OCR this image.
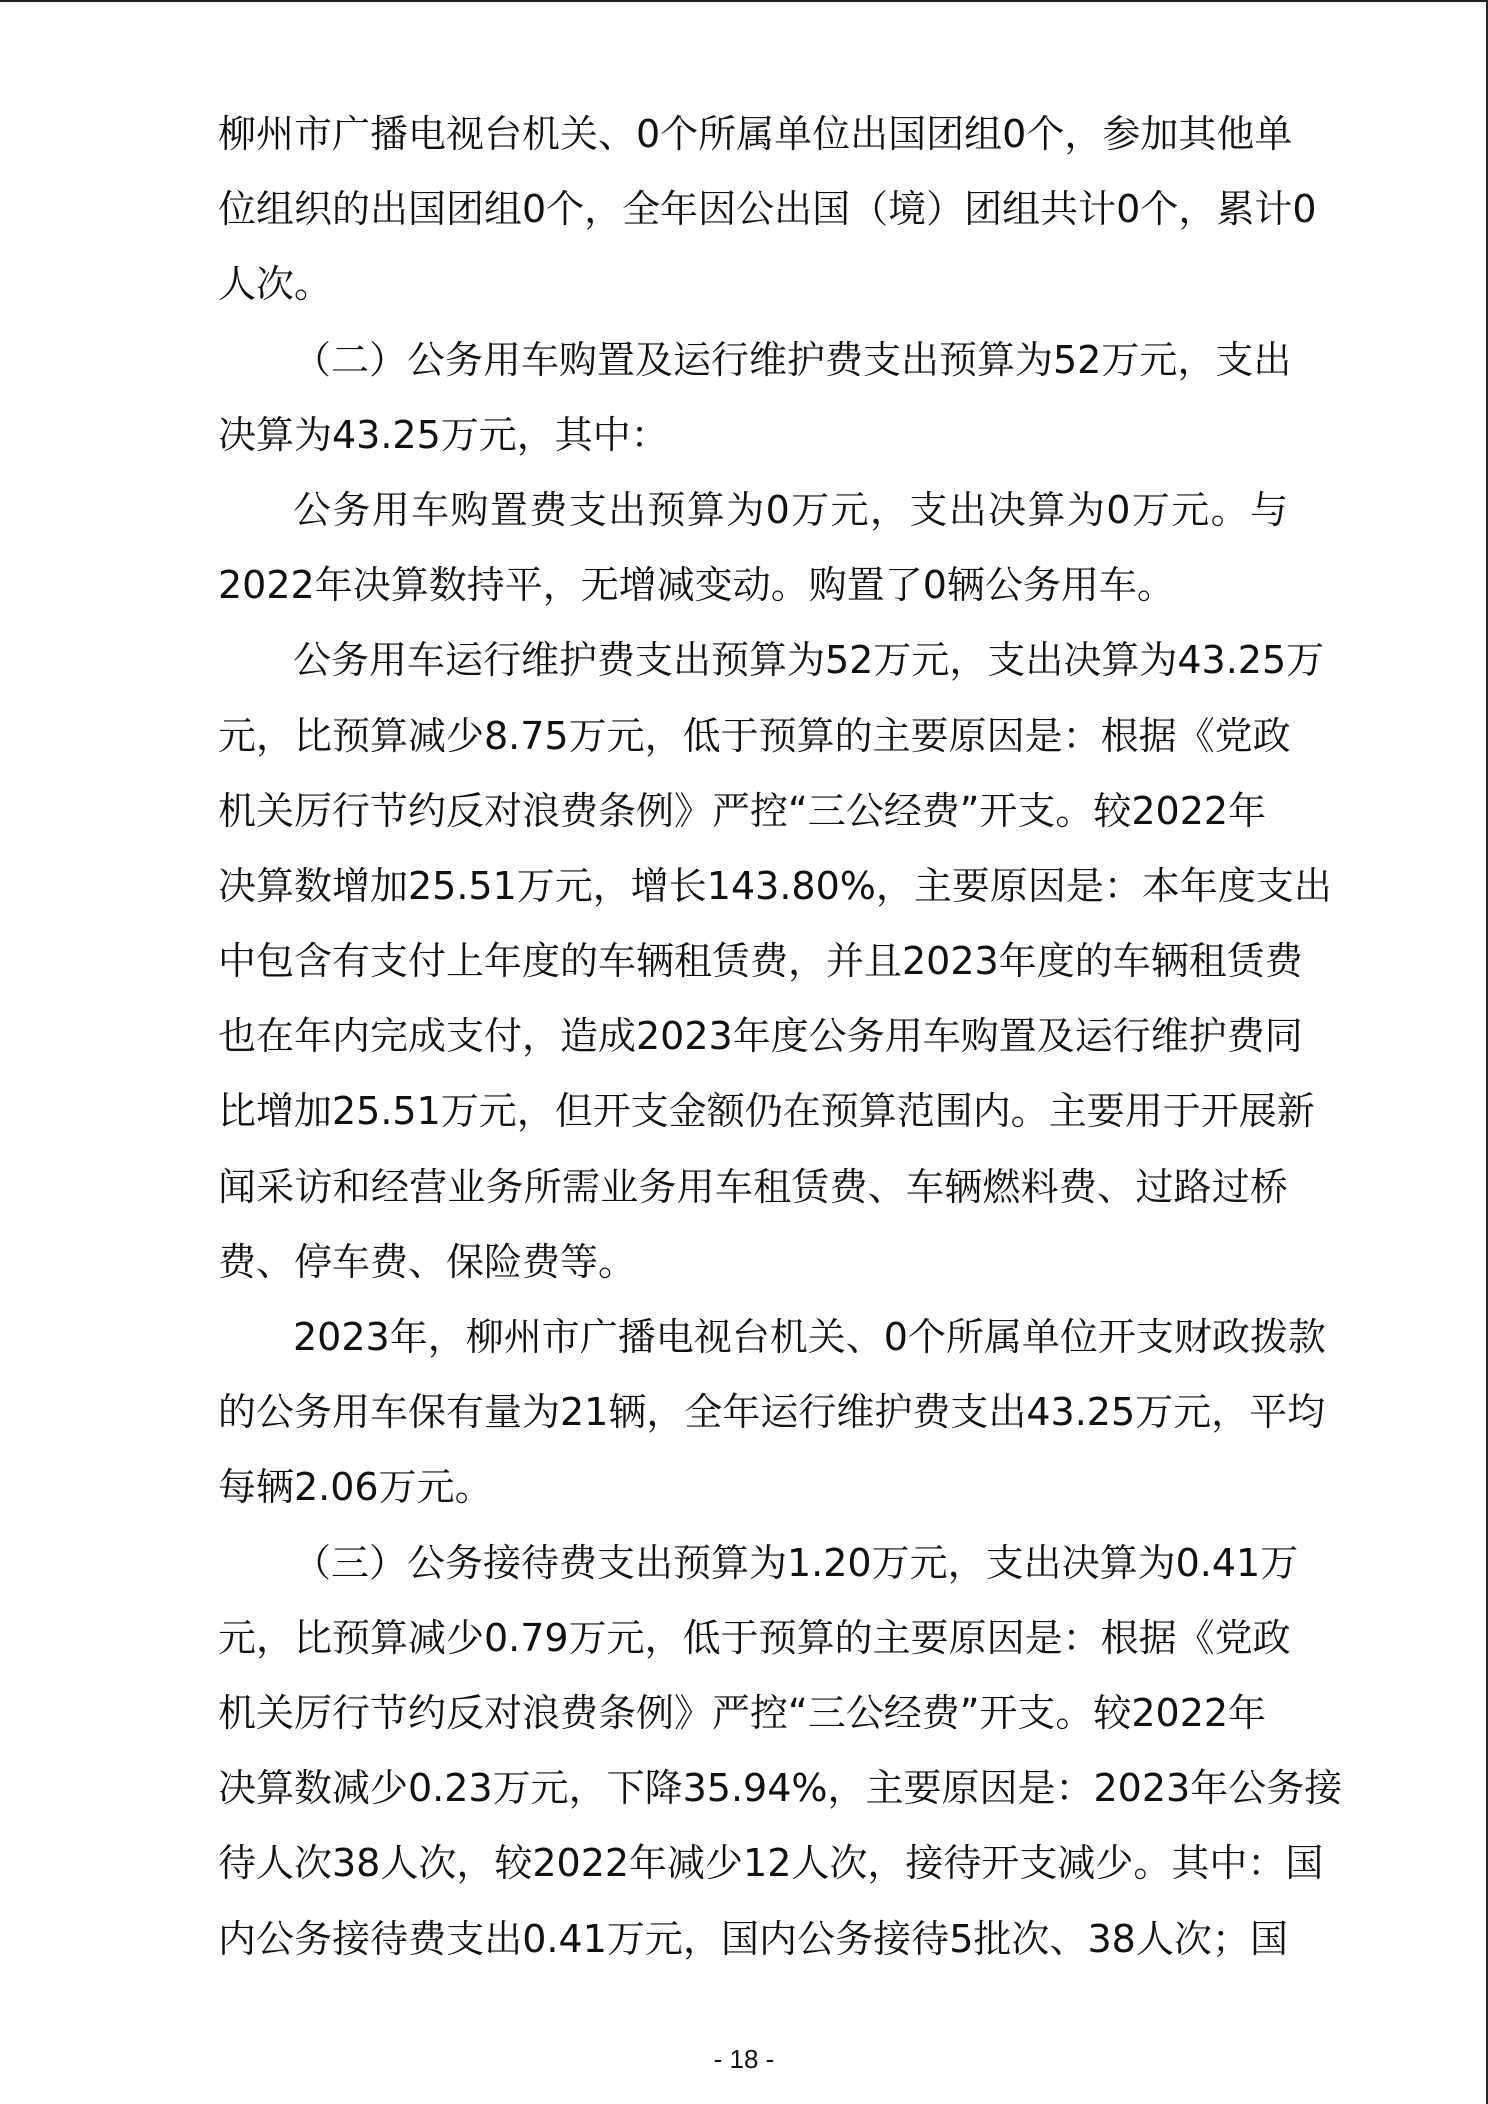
柳州市广播电视台机关、0个所属单位出国团组0个，参加其他单
位组织的出国团组0个，全年因公出国（境）团组共计0个，累计0
人次。
（二）公务用车购置及运行维护费支出预算为52万元，支出
决算为43.25万元，其中：
公务用车购置费支出预算为0万元，支出决算为0万元。与
2022年决算数持平，无增减变动。购置了0辆公务用车。
公务用车运行维护费支出预算为52万元，支出决算为43.25万
元，比预算减少8.75万元，低于预算的主要原因是：根据《党政
机关厉行节约反对浪费条例》严控“三公经费”开支。较2022年
决算数增加25.51万元，增长143.80%，主要原因是：本年度支出
中包含有支付上年度的车辆租赁费，并且2023年度的车辆租赁费
也在年内完成支付，造成2023年度公务用车购置及运行维护费同
比增加25.51万元，但开支金额仍在预算范围内。主要用于开展新
闻采访和经营业务所需业务用车租赁费、车辆燃料费、过路过桥
费、停车费、保险费等。
2023年，柳州市广播电视台机关、0个所属单位开支财政拨款
的公务用车保有量为21辆，全年运行维护费支出43.25万元，平均
每辆2.06万元。
（三）公务接待费支出预算为1.20万元，支出决算为0.41万
元，比预算减少0.79万元，低于预算的主要原因是：根据《党政
机关厉行节约反对浪费条例》严控“三公经费”开支。较2022年
决算数减少0.23万元，下降35.94%，主要原因是：2023年公务接
待人次38人次，较2022年减少12人次，接待开支减少。其中：国
内公务接待费支出0.41万元，国内公务接待5批次、38人次；国
- 18 -
